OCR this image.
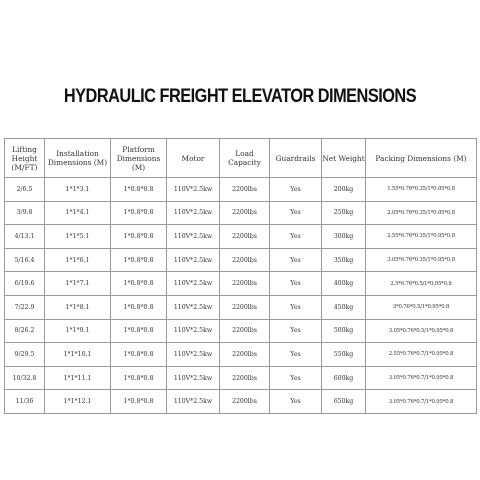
HYDRAULIC FREIGHT ELEVATOR DIMENSIONS
Lifting Height (M/FT)	Installation Dimensions (M)	Platform Dimensions (M)	Motor	Load Capacity	Guardrails	Net Weight	Packing Dimensions (M)
2/6.5	1*1*3.1	1*0.8*0.8	110V*2.5kw	2200lbs	Yes	200kg	1.55*0.76*0.35/1*0.95*0.8
3/9.8	1*1*4.1	1*0.8*0.8	110V*2.5kw	2200lbs	Yes	250kg	2.05*0.76*0.35/1*0.95*0.8
4/13.1	1*1*5.1	1*0.8*0.8	110V*2.5kw	2200lbs	Yes	300kg	2.55*0.76*0.35/1*0.95*0.8
5/16.4	1*1*6.1	1*0.8*0.8	110V*2.5kw	2200lbs	Yes	350kg	3.05*0.76*0.35/1*0.95*0.8
6/19.6	1*1*7.1	1*0.8*0.8	110V*2.5kw	2200lbs	Yes	400kg	2.5*0.76*0.5/1*0.95*0.8
7/22.9	1*1*8.1	1*0.8*0.8	110V*2.5kw	2200lbs	Yes	450kg	3*0.76*0.5/1*0.95*0.8
8/26.2	1*1*9.1	1*0.8*0.8	110V*2.5kw	2200lbs	Yes	500kg	3.05*0.76*0.5/1*0.95*0.8
9/29.5	1*1*10.1	1*0.8*0.8	110V*2.5kw	2200lbs	Yes	550kg	2.55*0.76*0.7/1*0.95*0.8
10/32.8	1*1*11.1	1*0.8*0.8	110V*2.5kw	2200lbs	Yes	600kg	3.05*0.76*0.7/1*0.95*0.8
11/36	1*1*12.1	1*0.8*0.8	110V*2.5kw	2200lbs	Yes	650kg	3.05*0.76*0.7/1*0.95*0.8
